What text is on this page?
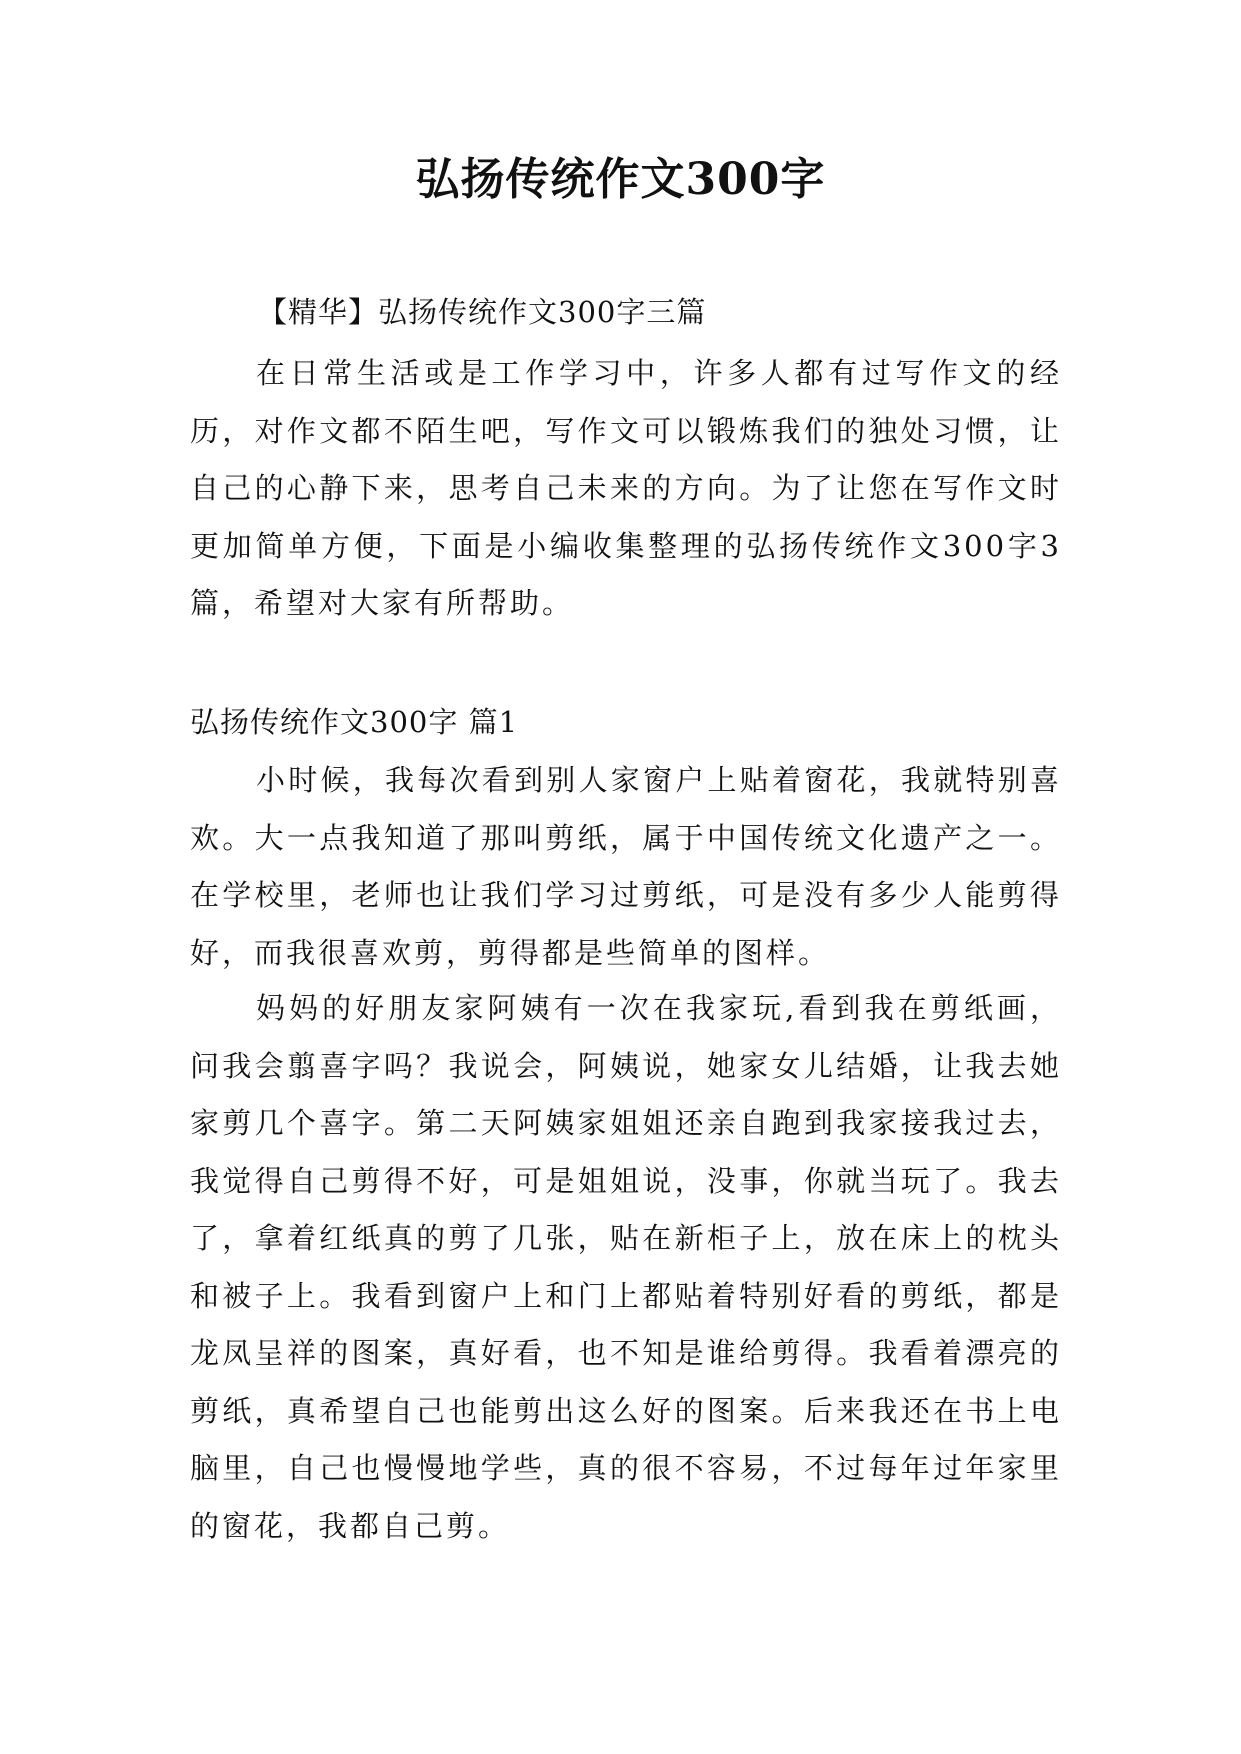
弘扬传统作文300字
【精华】弘扬传统作文300字三篇

在日常生活或是工作学习中，许多人都有过写作文的经历，对作文都不陌生吧，写作文可以锻炼我们的独处习惯，让自己的心静下来，思考自己未来的方向。为了让您在写作文时更加简单方便，下面是小编收集整理的弘扬传统作文300字3篇，希望对大家有所帮助。

弘扬传统作文300字 篇1

小时候，我每次看到别人家窗户上贴着窗花，我就特别喜欢。大一点我知道了那叫剪纸，属于中国传统文化遗产之一。在学校里，老师也让我们学习过剪纸，可是没有多少人能剪得好，而我很喜欢剪，剪得都是些简单的图样。

妈妈的好朋友家阿姨有一次在我家玩,看到我在剪纸画，问我会翦喜字吗？我说会，阿姨说，她家女儿结婚，让我去她家剪几个喜字。第二天阿姨家姐姐还亲自跑到我家接我过去，我觉得自己剪得不好，可是姐姐说，没事，你就当玩了。我去了，拿着红纸真的剪了几张，贴在新柜子上，放在床上的枕头和被子上。我看到窗户上和门上都贴着特别好看的剪纸，都是龙凤呈祥的图案，真好看，也不知是谁给剪得。我看着漂亮的剪纸，真希望自己也能剪出这么好的图案。后来我还在书上电脑里，自己也慢慢地学些，真的很不容易，不过每年过年家里的窗花，我都自己剪。
